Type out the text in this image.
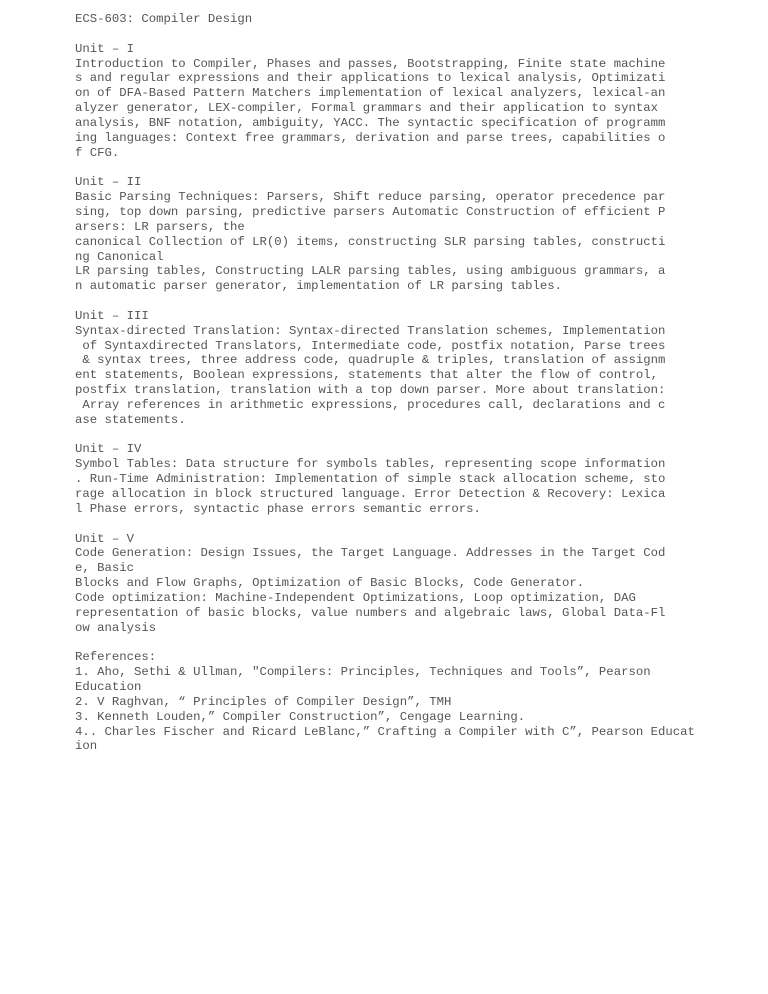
ECS-603: Compiler Design
Unit – I
Introduction to Compiler, Phases and passes, Bootstrapping, Finite state machine
s and regular expressions and their applications to lexical analysis, Optimizati
on of DFA-Based Pattern Matchers implementation of lexical analyzers, lexical-an
alyzer generator, LEX-compiler, Formal grammars and their application to syntax
analysis, BNF notation, ambiguity, YACC. The syntactic specification of programm
ing languages: Context free grammars, derivation and parse trees, capabilities o
f CFG.
Unit – II
Basic Parsing Techniques: Parsers, Shift reduce parsing, operator precedence par
sing, top down parsing, predictive parsers Automatic Construction of efficient P
arsers: LR parsers, the
canonical Collection of LR(0) items, constructing SLR parsing tables, constructi
ng Canonical
LR parsing tables, Constructing LALR parsing tables, using ambiguous grammars, a
n automatic parser generator, implementation of LR parsing tables.
Unit – III
Syntax-directed Translation: Syntax-directed Translation schemes, Implementation
of Syntaxdirected Translators, Intermediate code, postfix notation, Parse trees
& syntax trees, three address code, quadruple & triples, translation of assignm
ent statements, Boolean expressions, statements that alter the flow of control,
postfix translation, translation with a top down parser. More about translation:
Array references in arithmetic expressions, procedures call, declarations and c
ase statements.
Unit – IV
Symbol Tables: Data structure for symbols tables, representing scope information
. Run-Time Administration: Implementation of simple stack allocation scheme, sto
rage allocation in block structured language. Error Detection & Recovery: Lexica
l Phase errors, syntactic phase errors semantic errors.
Unit – V
Code Generation: Design Issues, the Target Language. Addresses in the Target Cod
e, Basic
Blocks and Flow Graphs, Optimization of Basic Blocks, Code Generator.
Code optimization: Machine-Independent Optimizations, Loop optimization, DAG
representation of basic blocks, value numbers and algebraic laws, Global Data-Fl
ow analysis
References:
1. Aho, Sethi & Ullman, "Compilers: Principles, Techniques and Tools”, Pearson
Education
2. V Raghvan, “ Principles of Compiler Design”, TMH
3. Kenneth Louden,” Compiler Construction”, Cengage Learning.
4.. Charles Fischer and Ricard LeBlanc,” Crafting a Compiler with C”, Pearson Educat
ion
